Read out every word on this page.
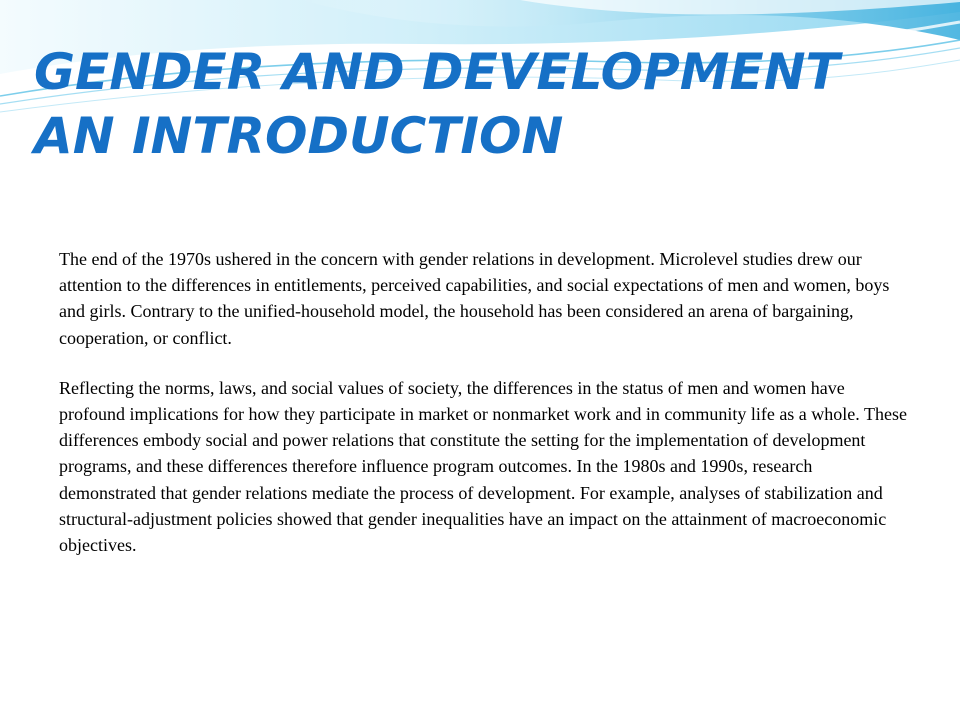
GENDER AND DEVELOPMENT
AN INTRODUCTION

The end of the 1970s ushered in the concern with gender relations in development. Microlevel studies drew our attention to the differences in entitlements, perceived capabilities, and social expectations of men and women, boys and girls. Contrary to the unified-household model, the household has been considered an arena of bargaining, cooperation, or conflict.

Reflecting the norms, laws, and social values of society, the differences in the status of men and women have profound implications for how they participate in market or nonmarket work and in community life as a whole. These differences embody social and power relations that constitute the setting for the implementation of development programs, and these differences therefore influence program outcomes. In the 1980s and 1990s, research demonstrated that gender relations mediate the process of development. For example, analyses of stabilization and structural-adjustment policies showed that gender inequalities have an impact on the attainment of macroeconomic objectives.
